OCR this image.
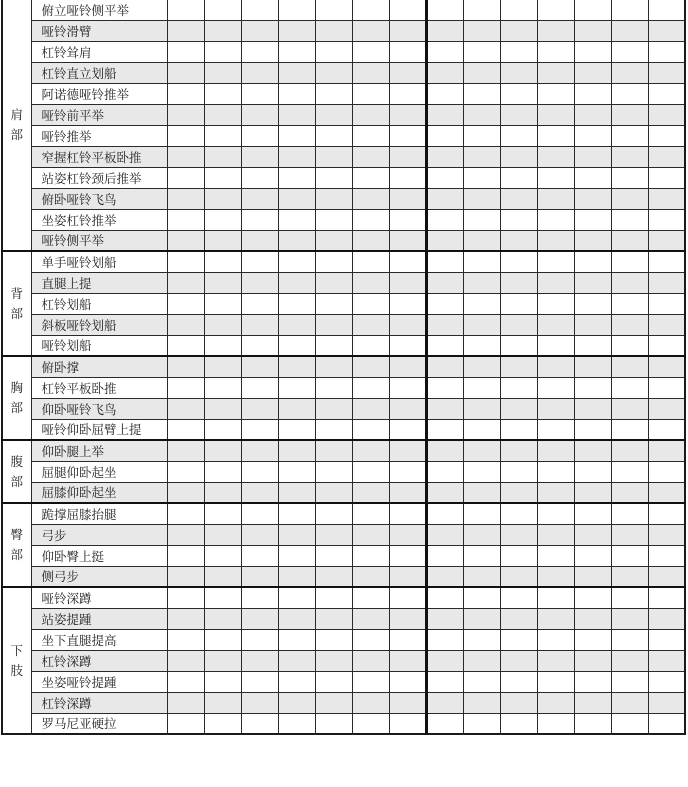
肩部	俯立哑铃侧平举														
	哑铃滑臂														
	杠铃耸肩														
	杠铃直立划船														
	阿诺德哑铃推举														
	哑铃前平举														
	哑铃推举														
	窄握杠铃平板卧推														
	站姿杠铃颈后推举														
	俯卧哑铃飞鸟														
	坐姿杠铃推举														
	哑铃侧平举														
背部	单手哑铃划船														
	直腿上提														
	杠铃划船														
	斜板哑铃划船														
	哑铃划船														
胸部	俯卧撑														
	杠铃平板卧推														
	仰卧哑铃飞鸟														
	哑铃仰卧屈臂上提														
腹部	仰卧腿上举														
	屈腿仰卧起坐														
	屈膝仰卧起坐														
臀部	跪撑屈膝抬腿														
	弓步														
	仰卧臀上挺														
	侧弓步														
下肢	哑铃深蹲														
	站姿提踵														
	坐下直腿提高														
	杠铃深蹲														
	坐姿哑铃提踵														
	杠铃深蹲														
	罗马尼亚硬拉														
